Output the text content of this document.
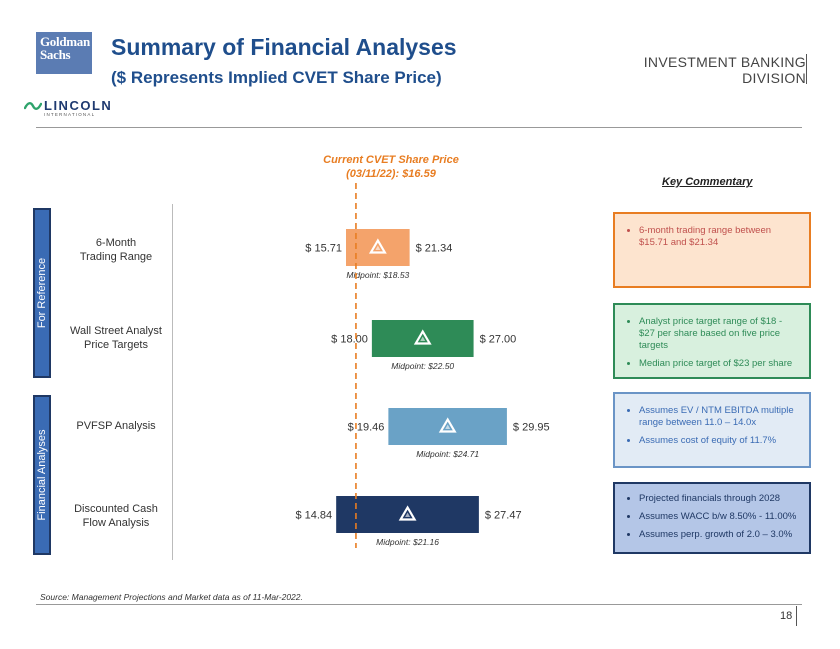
Goldman
Sachs	Summary of Financial Analyses
($ Represents Implied CVET Share Price)
INVESTMENT BANKING
DIVISION
LINCOLN
INTERNATIONAL
For Reference
Financial Analyses
6-Month
Trading Range
Wall Street Analyst
Price Targets
PVFSP Analysis
Discounted Cash
Flow Analysis
Current CVET Share Price
(03/11/22): $16.59
$ 15.71	$ 21.34
Midpoint: $18.53
$ 18.00	$ 27.00
Midpoint: $22.50
$ 19.46	$ 29.95
Midpoint: $24.71
$ 14.84	$ 27.47
Midpoint: $21.16
Key Commentary
• 6-month trading range between $15.71 and $21.34
• Analyst price target range of $18 - $27 per share based on five price targets
• Median price target of $23 per share
• Assumes EV / NTM EBITDA multiple range between 11.0 – 14.0x
• Assumes cost of equity of 11.7%
• Projected financials through 2028
• Assumes WACC b/w 8.50% - 11.00%
• Assumes perp. growth of 2.0 – 3.0%
Source: Management Projections and Market data as of 11-Mar-2022.
18
